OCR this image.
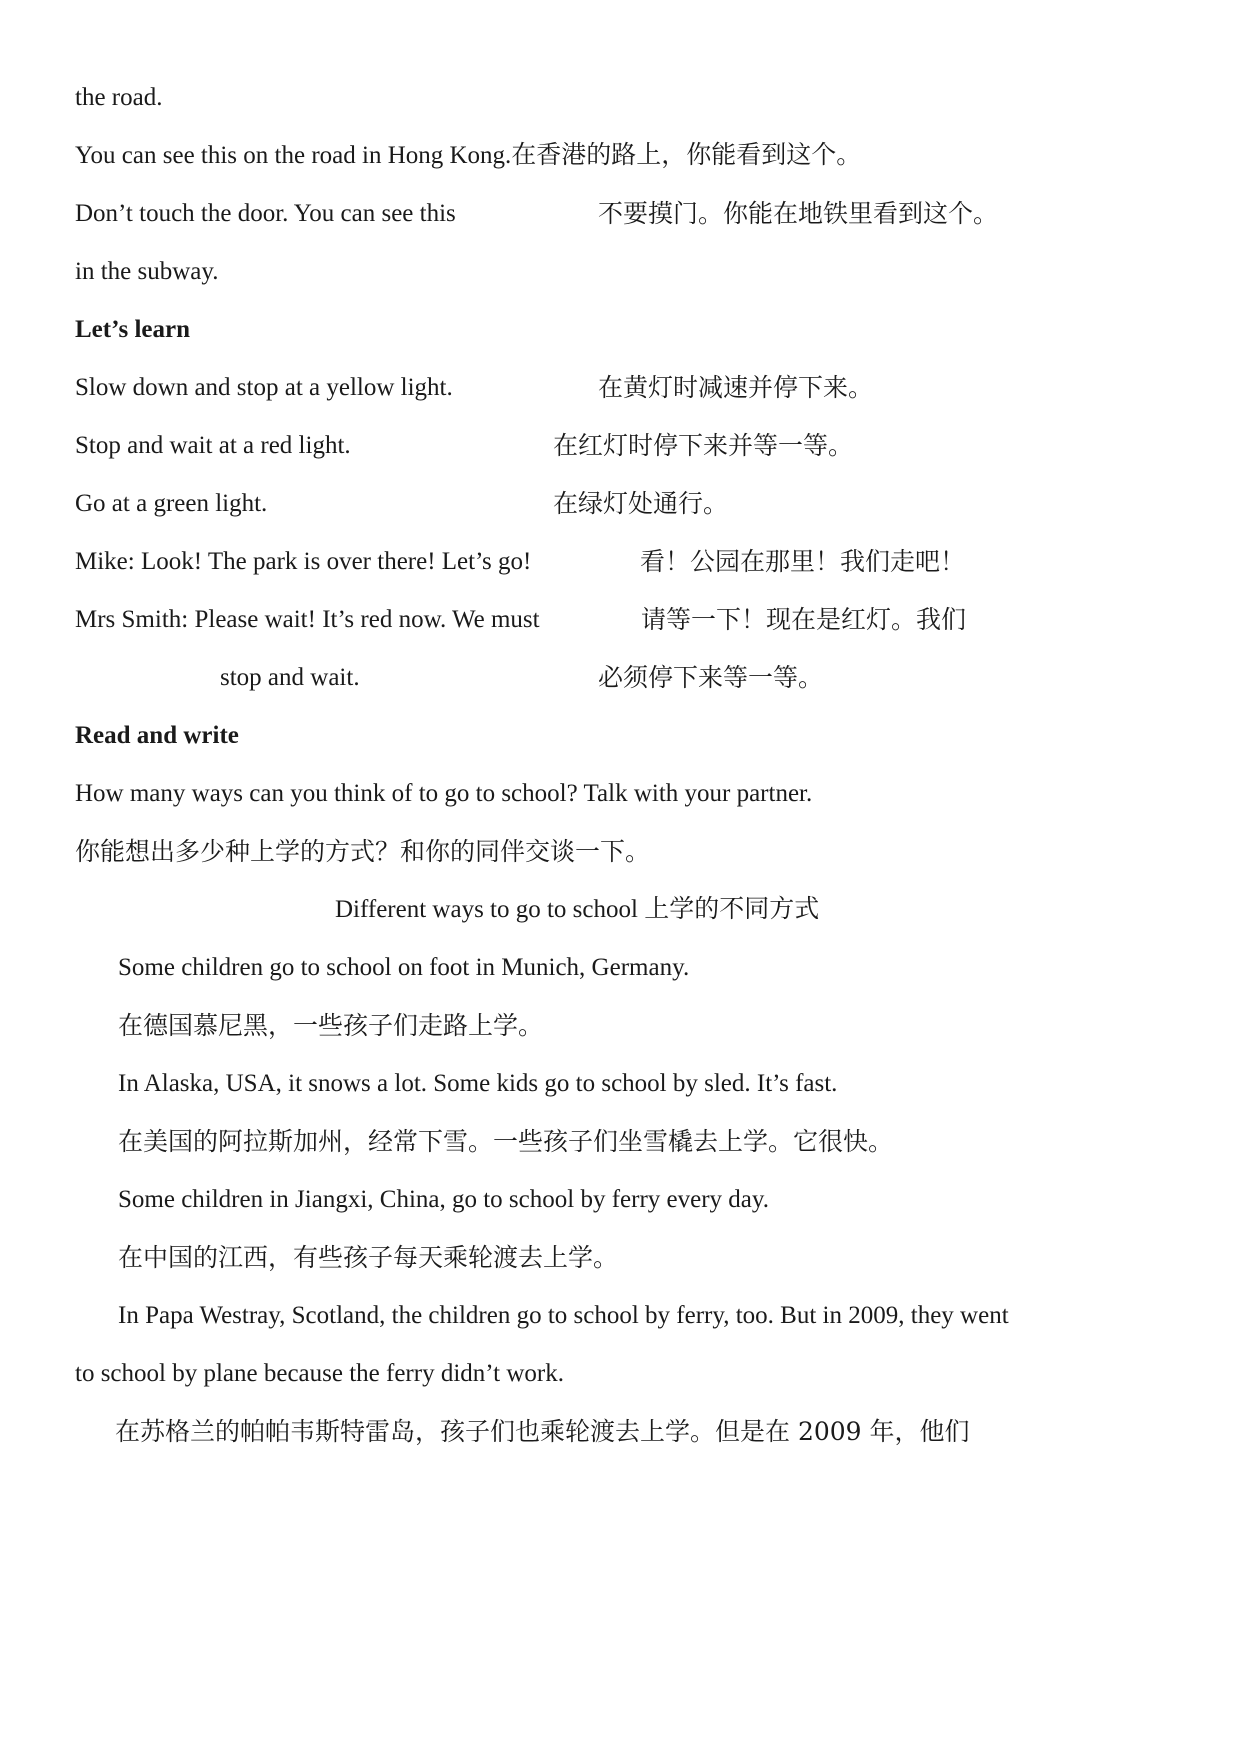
the road.

You can see this on the road in Hong Kong.在香港的路上，你能看到这个。

Don’t touch the door. You can see this	不要摸门。你能在地铁里看到这个。

in the subway.

Let’s learn

Slow down and stop at a yellow light.	在黄灯时减速并停下来。

Stop and wait at a red light.	在红灯时停下来并等一等。

Go at a green light.	在绿灯处通行。

Mike: Look! The park is over there! Let’s go!	看！公园在那里！我们走吧！

Mrs Smith: Please wait! It’s red now. We must	请等一下！现在是红灯。我们

stop and wait.	必须停下来等一等。

Read and write

How many ways can you think of to go to school? Talk with your partner.

你能想出多少种上学的方式？和你的同伴交谈一下。

Different ways to go to school 上学的不同方式

Some children go to school on foot in Munich, Germany.

在德国慕尼黑，一些孩子们走路上学。

In Alaska, USA, it snows a lot. Some kids go to school by sled. It’s fast.

在美国的阿拉斯加州，经常下雪。一些孩子们坐雪橇去上学。它很快。

Some children in Jiangxi, China, go to school by ferry every day.

在中国的江西，有些孩子每天乘轮渡去上学。

In Papa Westray, Scotland, the children go to school by ferry, too. But in 2009, they went

to school by plane because the ferry didn’t work.

在苏格兰的帕帕韦斯特雷岛，孩子们也乘轮渡去上学。但是在 2009 年，他们
